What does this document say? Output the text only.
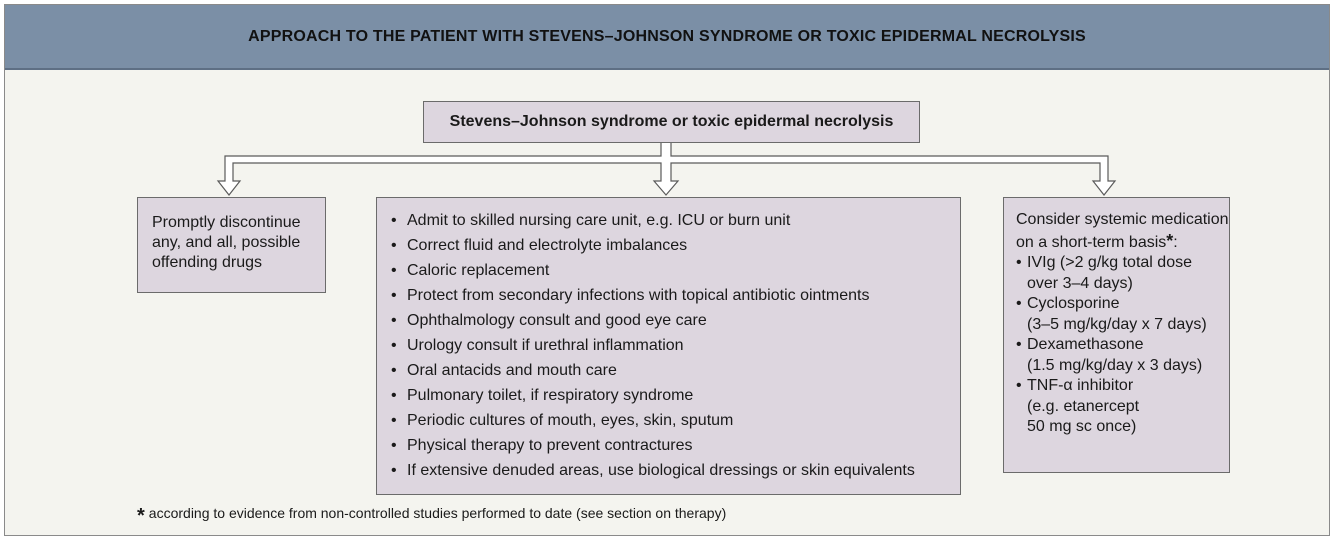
APPROACH TO THE PATIENT WITH STEVENS–JOHNSON SYNDROME OR TOXIC EPIDERMAL NECROLYSIS
Stevens–Johnson syndrome or toxic epidermal necrolysis
Promptly discontinue any, and all, possible offending drugs
• Admit to skilled nursing care unit, e.g. ICU or burn unit
• Correct fluid and electrolyte imbalances
• Caloric replacement
• Protect from secondary infections with topical antibiotic ointments
• Ophthalmology consult and good eye care
• Urology consult if urethral inflammation
• Oral antacids and mouth care
• Pulmonary toilet, if respiratory syndrome
• Periodic cultures of mouth, eyes, skin, sputum
• Physical therapy to prevent contractures
• If extensive denuded areas, use biological dressings or skin equivalents
Consider systemic medication on a short-term basis*:
• IVIg (>2 g/kg total dose
over 3–4 days)
• Cyclosporine
(3–5 mg/kg/day x 7 days)
• Dexamethasone
(1.5 mg/kg/day x 3 days)
• TNF-α inhibitor
(e.g. etanercept
50 mg sc once)
* according to evidence from non-controlled studies performed to date (see section on therapy)
